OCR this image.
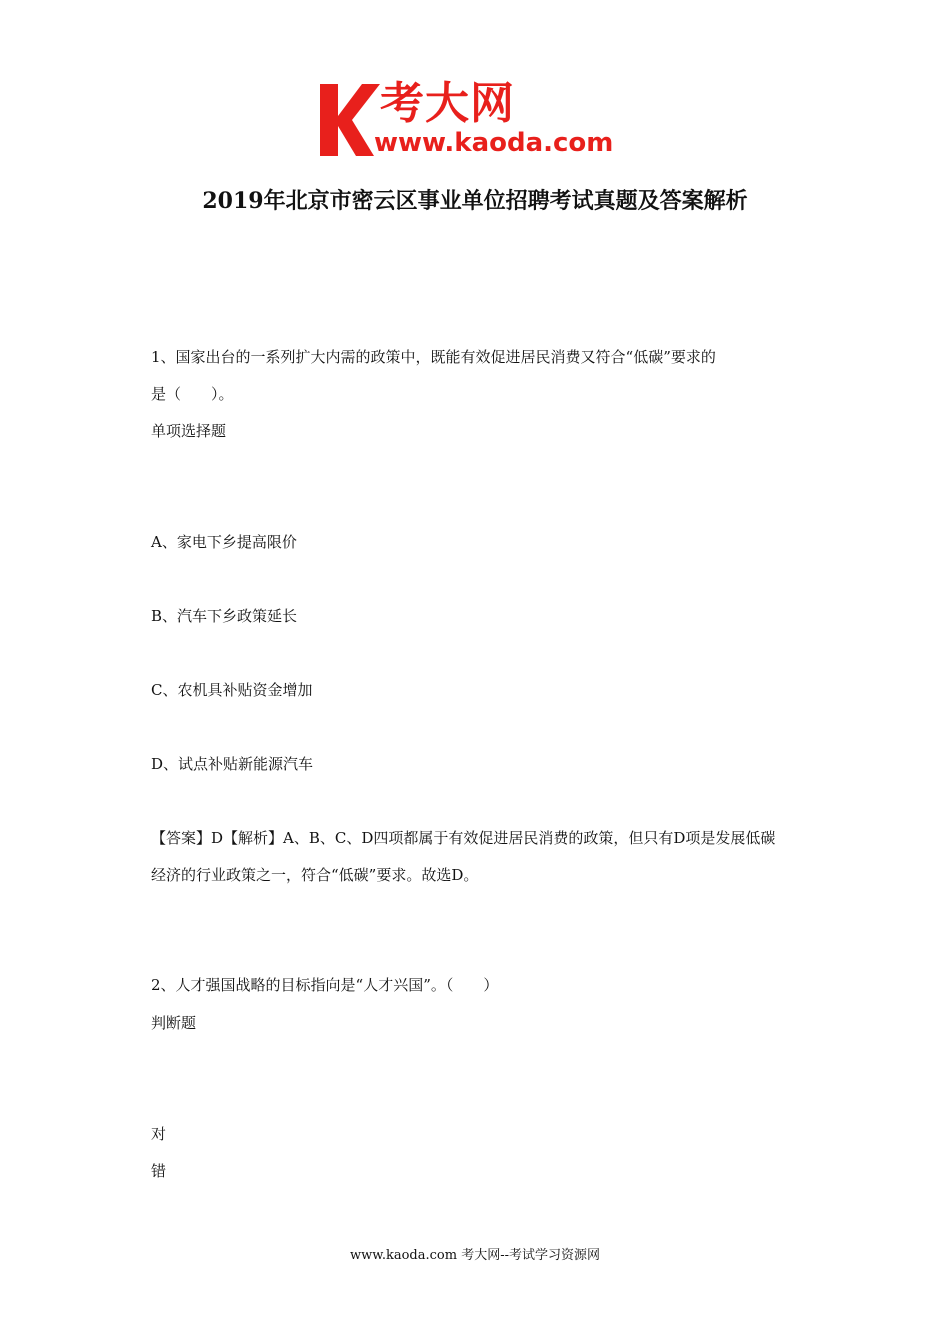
考大网
www.kaoda.com
2019年北京市密云区事业单位招聘考试真题及答案解析
1、国家出台的一系列扩大内需的政策中，既能有效促进居民消费又符合“低碳”要求的
是（　　）。
单项选择题
A、家电下乡提高限价
B、汽车下乡政策延长
C、农机具补贴资金增加
D、试点补贴新能源汽车
【答案】D【解析】A、B、C、D四项都属于有效促进居民消费的政策，但只有D项是发展低碳
经济的行业政策之一，符合“低碳”要求。故选D。
2、人才强国战略的目标指向是“人才兴国”。（　　）
判断题
对
错
www.kaoda.com 考大网--考试学习资源网
